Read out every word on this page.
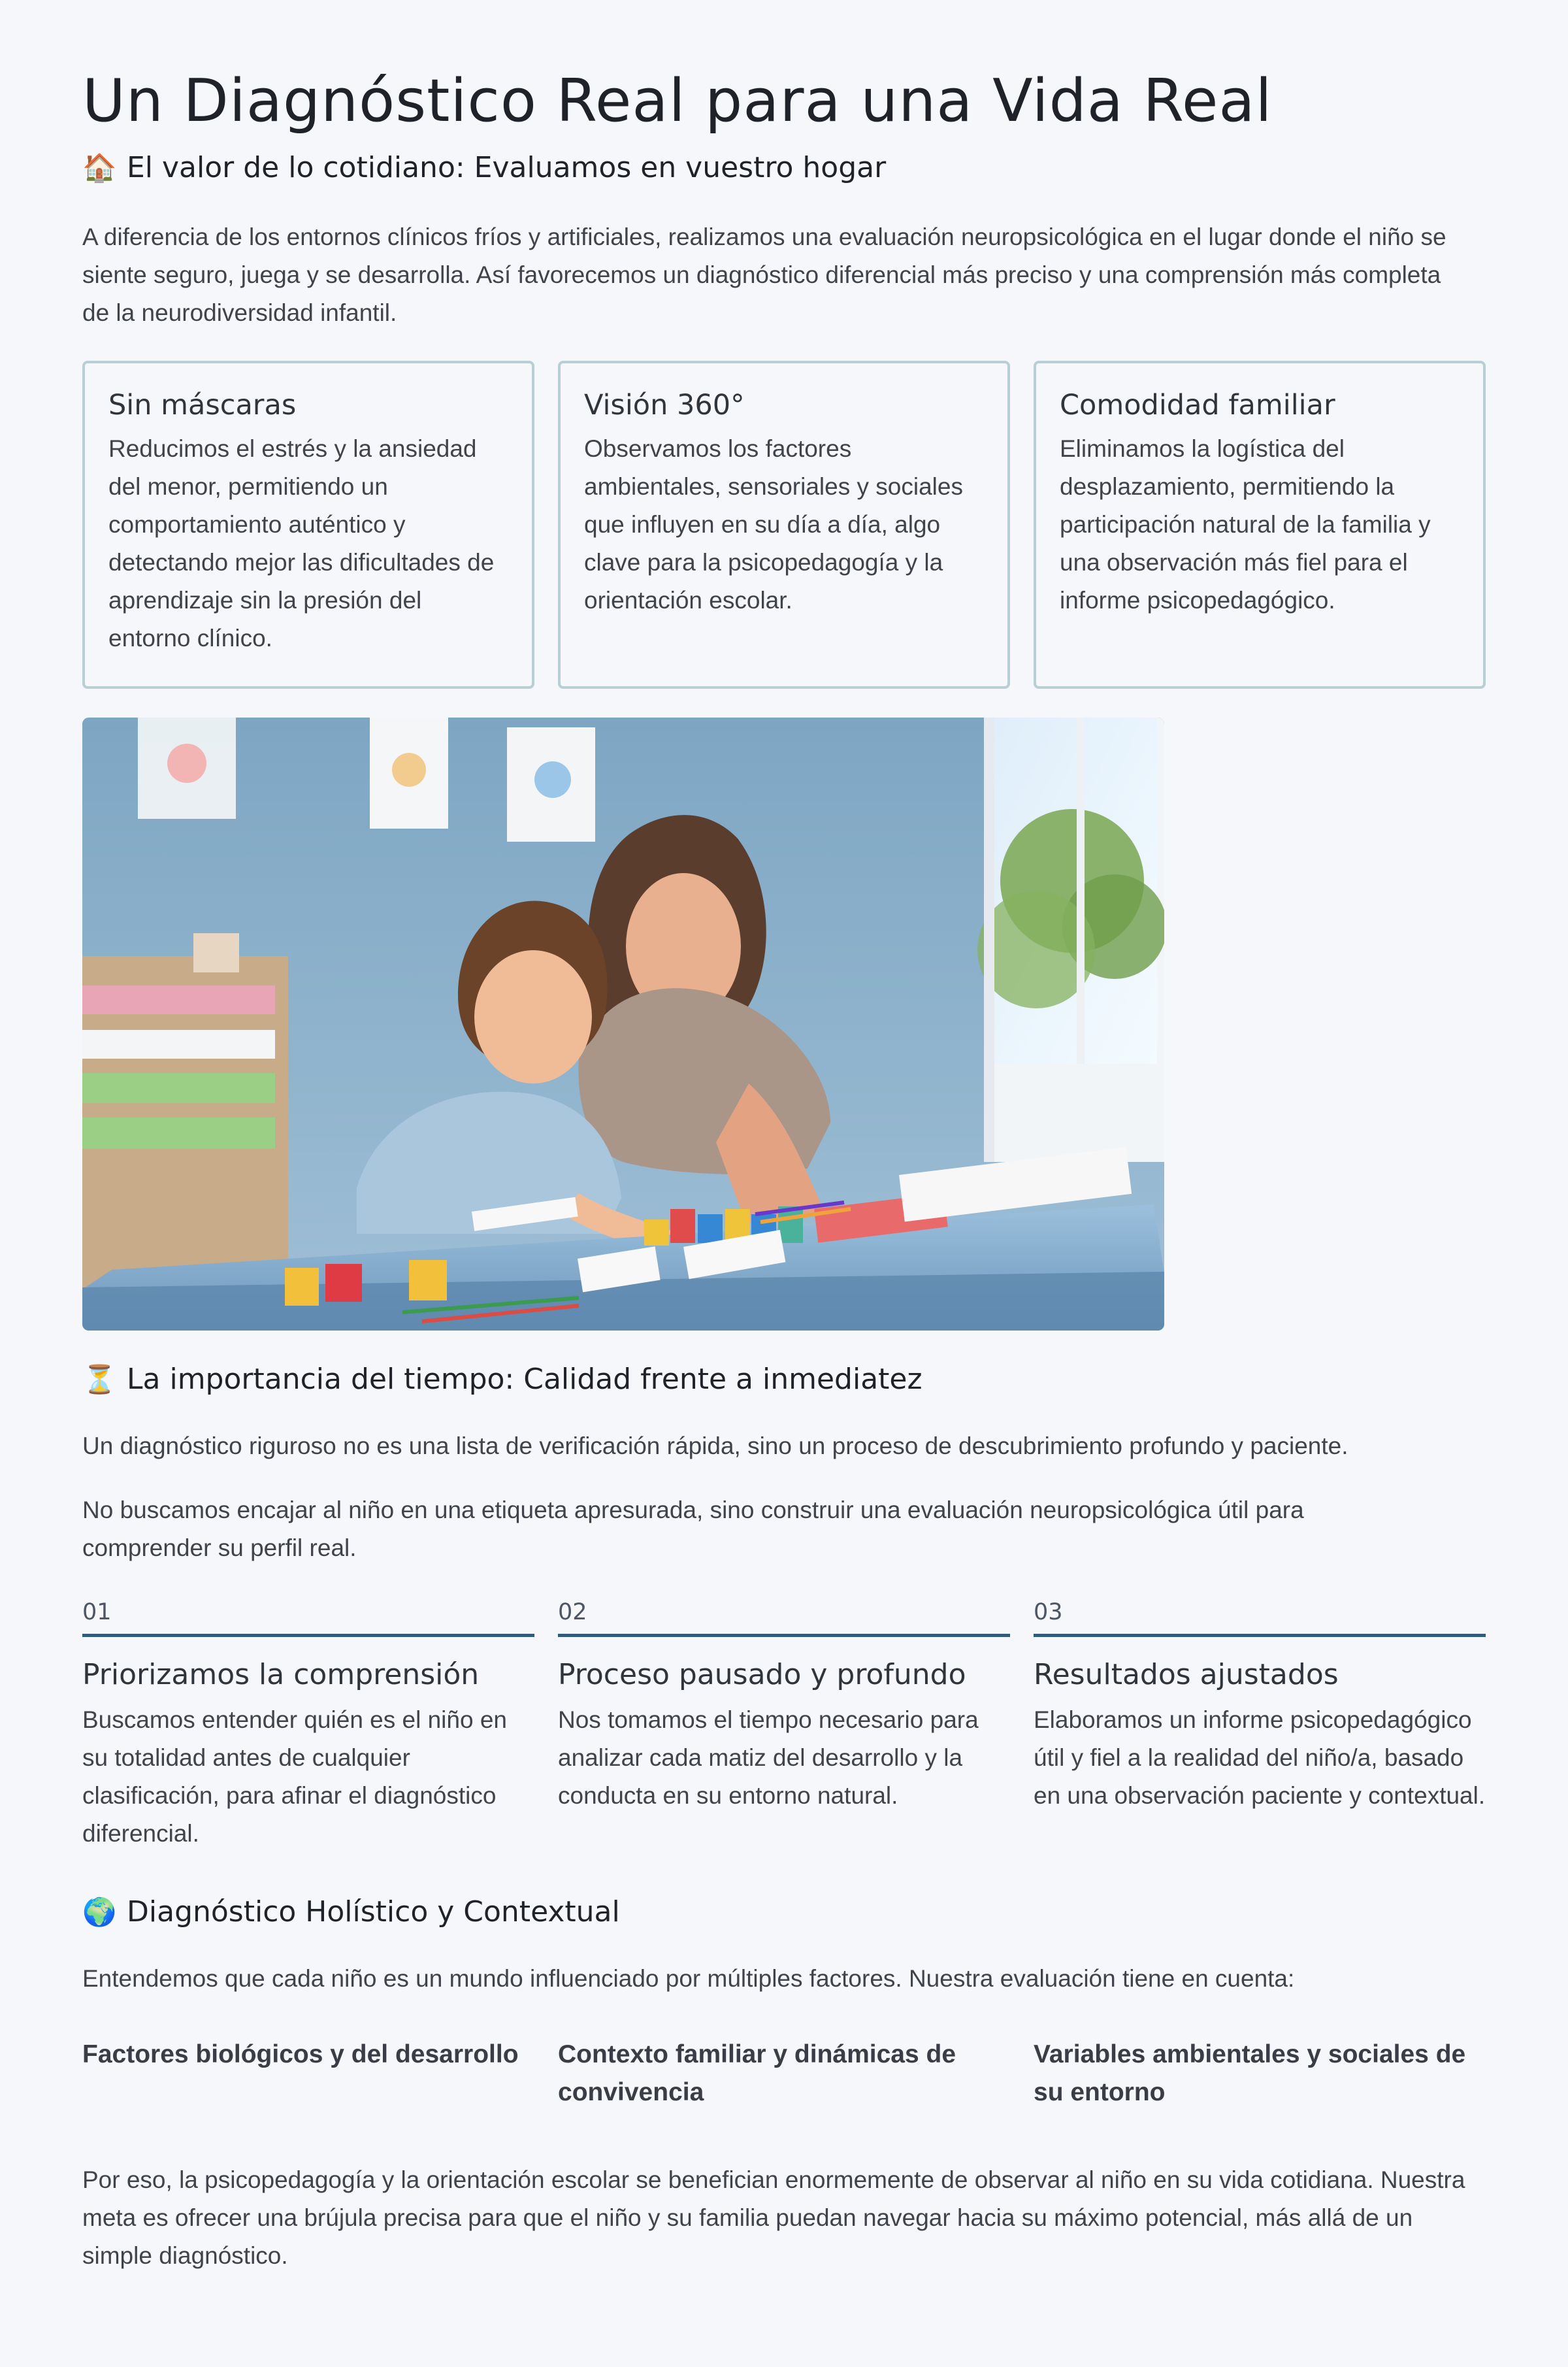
Un Diagnóstico Real para una Vida Real
🏠 El valor de lo cotidiano: Evaluamos en vuestro hogar

A diferencia de los entornos clínicos fríos y artificiales, realizamos una evaluación neuropsicológica en el lugar donde el niño se siente seguro, juega y se desarrolla. Así favorecemos un diagnóstico diferencial más preciso y una comprensión más completa de la neurodiversidad infantil.

Sin máscaras

Reducimos el estrés y la ansiedad del menor, permitiendo un comportamiento auténtico y detectando mejor las dificultades de aprendizaje sin la presión del entorno clínico.

Visión 360°

Observamos los factores ambientales, sensoriales y sociales que influyen en su día a día, algo clave para la psicopedagogía y la orientación escolar.

Comodidad familiar

Eliminamos la logística del desplazamiento, permitiendo la participación natural de la familia y una observación más fiel para el informe psicopedagógico.

⏳ La importancia del tiempo: Calidad frente a inmediatez

Un diagnóstico riguroso no es una lista de verificación rápida, sino un proceso de descubrimiento profundo y paciente.

No buscamos encajar al niño en una etiqueta apresurada, sino construir una evaluación neuropsicológica útil para comprender su perfil real.

01
Priorizamos la comprensión

Buscamos entender quién es el niño en su totalidad antes de cualquier clasificación, para afinar el diagnóstico diferencial.

02
Proceso pausado y profundo

Nos tomamos el tiempo necesario para analizar cada matiz del desarrollo y la conducta en su entorno natural.

03
Resultados ajustados

Elaboramos un informe psicopedagógico útil y fiel a la realidad del niño/a, basado en una observación paciente y contextual.

🌍 Diagnóstico Holístico y Contextual

Entendemos que cada niño es un mundo influenciado por múltiples factores. Nuestra evaluación tiene en cuenta:

Factores biológicos y del desarrollo	Contexto familiar y dinámicas de convivencia
Variables ambientales y sociales de su entorno

Por eso, la psicopedagogía y la orientación escolar se benefician enormemente de observar al niño en su vida cotidiana. Nuestra meta es ofrecer una brújula precisa para que el niño y su familia puedan navegar hacia su máximo potencial, más allá de un simple diagnóstico.
